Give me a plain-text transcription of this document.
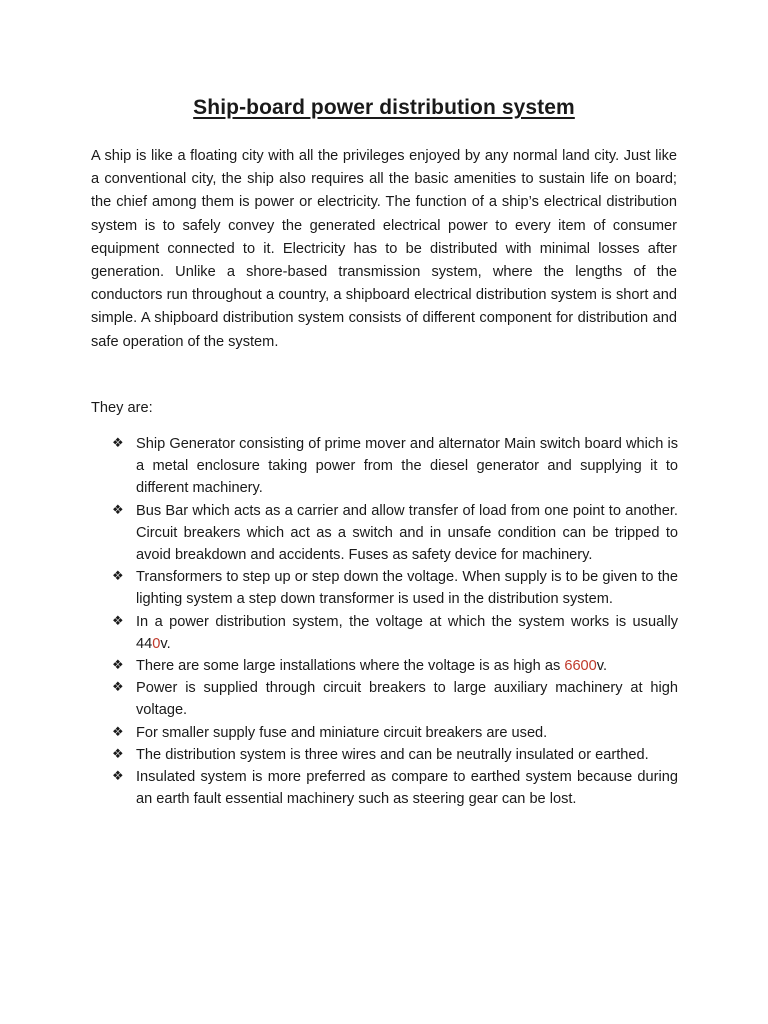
Ship-board power distribution system

A ship is like a floating city with all the privileges enjoyed by any normal land city. Just like a conventional city, the ship also requires all the basic amenities to sustain life on board; the chief among them is power or electricity. The function of a ship’s electrical distribution system is to safely convey the generated electrical power to every item of consumer equipment connected to it. Electricity has to be distributed with minimal losses after generation. Unlike a shore-based transmission system, where the lengths of the conductors run throughout a country, a shipboard electrical distribution system is short and simple. A shipboard distribution system consists of different component for distribution and safe operation of the system.

They are:

❖ Ship Generator consisting of prime mover and alternator Main switch board which is a metal enclosure taking power from the diesel generator and supplying it to different machinery.
❖ Bus Bar which acts as a carrier and allow transfer of load from one point to another. Circuit breakers which act as a switch and in unsafe condition can be tripped to avoid breakdown and accidents. Fuses as safety device for machinery.
❖ Transformers to step up or step down the voltage. When supply is to be given to the lighting system a step down transformer is used in the distribution system.
❖ In a power distribution system, the voltage at which the system works is usually 440v.
❖ There are some large installations where the voltage is as high as 6600v.
❖ Power is supplied through circuit breakers to large auxiliary machinery at high voltage.
❖ For smaller supply fuse and miniature circuit breakers are used.
❖ The distribution system is three wires and can be neutrally insulated or earthed.
❖ Insulated system is more preferred as compare to earthed system because during an earth fault essential machinery such as steering gear can be lost.
